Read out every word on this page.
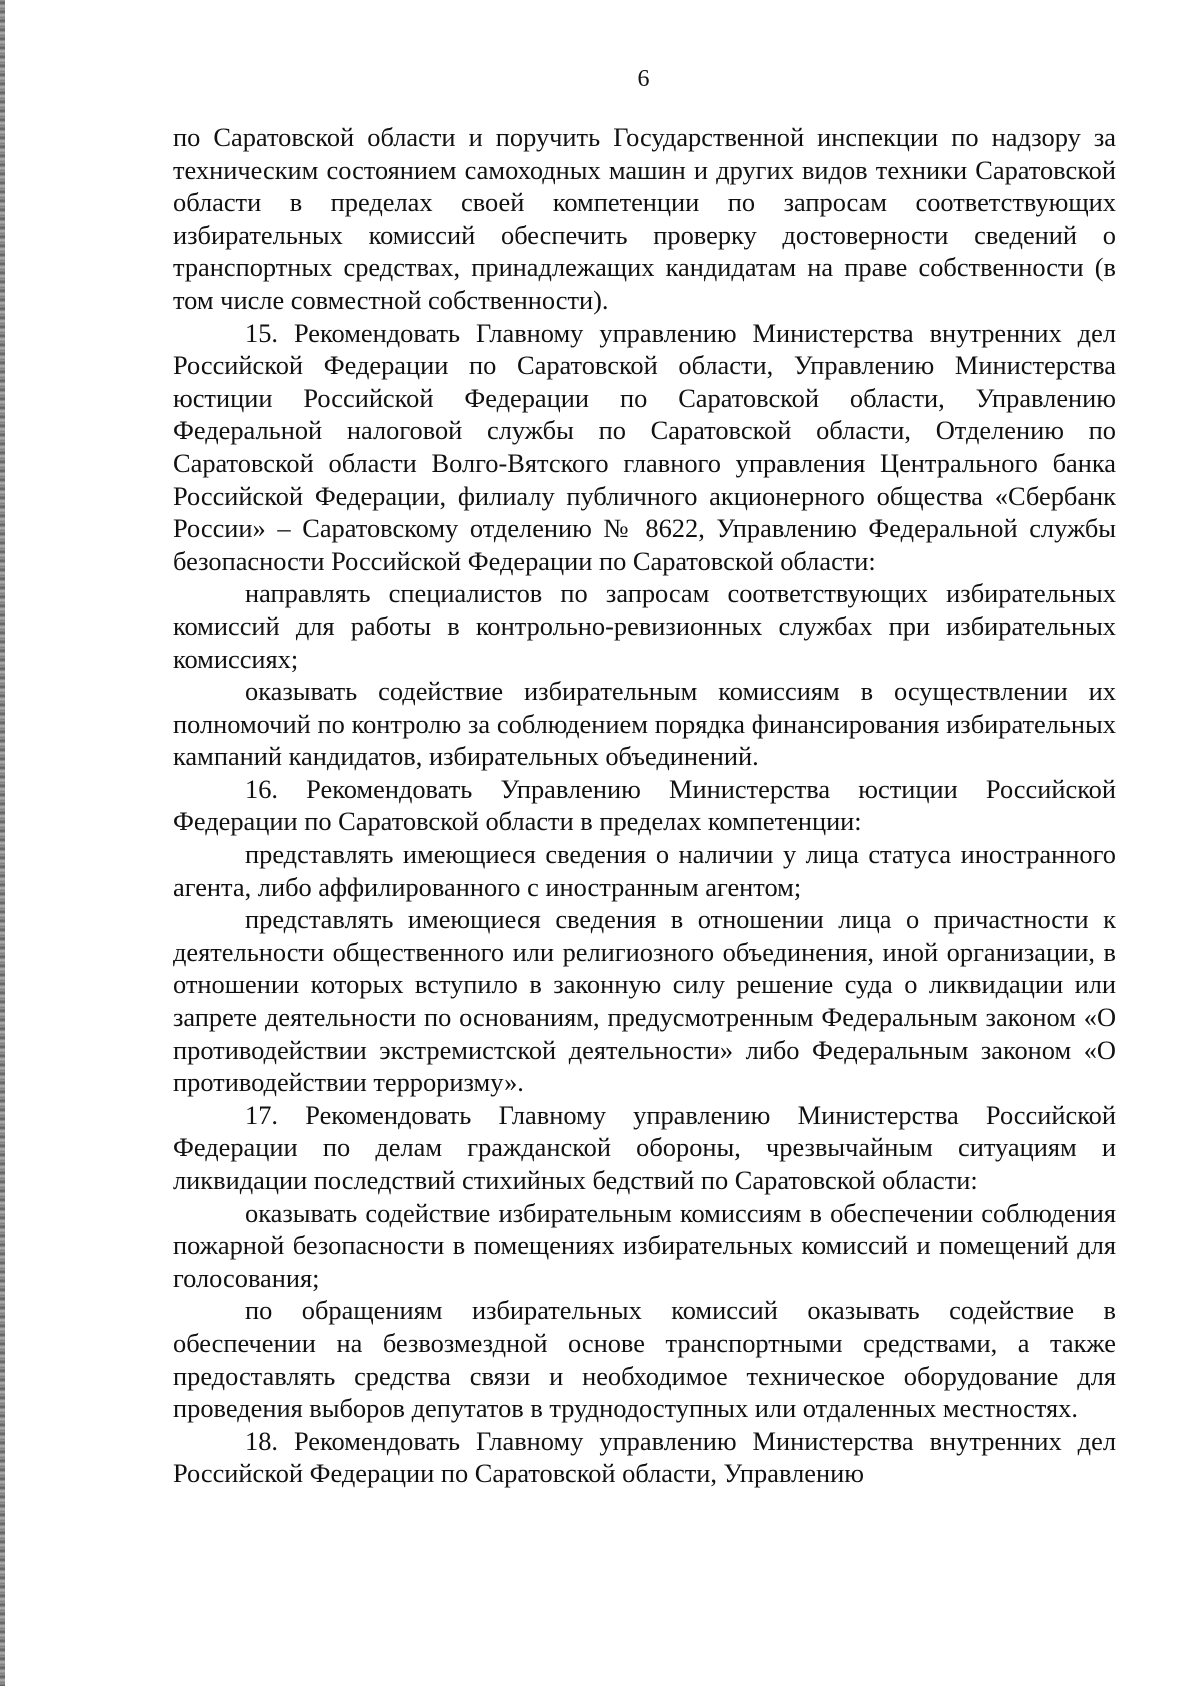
6

по Саратовской области и поручить Государственной инспекции по надзору за техническим состоянием самоходных машин и других видов техники Саратовской области в пределах своей компетенции по запросам соответствующих избирательных комиссий обеспечить проверку достоверности сведений о транспортных средствах, принадлежащих кандидатам на праве собственности (в том числе совместной собственности).

15. Рекомендовать Главному управлению Министерства внутренних дел Российской Федерации по Саратовской области, Управлению Министерства юстиции Российской Федерации по Саратовской области, Управлению Федеральной налоговой службы по Саратовской области, Отделению по Саратовской области Волго-Вятского главного управления Центрального банка Российской Федерации, филиалу публичного акционерного общества «Сбербанк России» – Саратовскому отделению № 8622, Управлению Федеральной службы безопасности Российской Федерации по Саратовской области:

направлять специалистов по запросам соответствующих избирательных комиссий для работы в контрольно-ревизионных службах при избирательных комиссиях;

оказывать содействие избирательным комиссиям в осуществлении их полномочий по контролю за соблюдением порядка финансирования избирательных кампаний кандидатов, избирательных объединений.

16. Рекомендовать Управлению Министерства юстиции Российской Федерации по Саратовской области в пределах компетенции:

представлять имеющиеся сведения о наличии у лица статуса иностранного агента, либо аффилированного с иностранным агентом;

представлять имеющиеся сведения в отношении лица о причастности к деятельности общественного или религиозного объединения, иной организации, в отношении которых вступило в законную силу решение суда о ликвидации или запрете деятельности по основаниям, предусмотренным Федеральным законом «О противодействии экстремистской деятельности» либо Федеральным законом «О противодействии терроризму».

17. Рекомендовать Главному управлению Министерства Российской Федерации по делам гражданской обороны, чрезвычайным ситуациям и ликвидации последствий стихийных бедствий по Саратовской области:

оказывать содействие избирательным комиссиям в обеспечении соблюдения пожарной безопасности в помещениях избирательных комиссий и помещений для голосования;

по обращениям избирательных комиссий оказывать содействие в обеспечении на безвозмездной основе транспортными средствами, а также предоставлять средства связи и необходимое техническое оборудование для проведения выборов депутатов в труднодоступных или отдаленных местностях.

18. Рекомендовать Главному управлению Министерства внутренних дел Российской Федерации по Саратовской области, Управлению
